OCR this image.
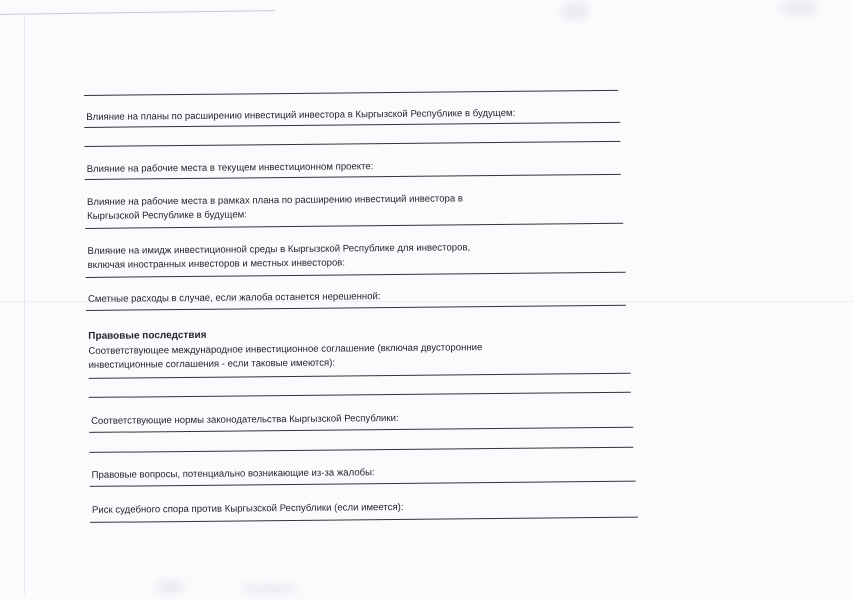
Влияние на планы по расширению инвестиций инвестора в Кыргызской Республике в будущем:
Влияние на рабочие места в текущем инвестиционном проекте:
Влияние на рабочие места в рамках плана по расширению инвестиций инвестора в
Кыргызской Республике в будущем:
Влияние на имидж инвестиционной среды в Кыргызской Республике для инвесторов,
включая иностранных инвесторов и местных инвесторов:
Сметные расходы в случае, если жалоба останется нерешенной:
Правовые последствия
Соответствующее международное инвестиционное соглашение (включая двусторонние
инвестиционные соглашения - если таковые имеются):
Соответствующие нормы законодательства Кыргызской Республики:
Правовые вопросы, потенциально возникающие из-за жалобы:
Риск судебного спора против Кыргызской Республики (если имеется):
